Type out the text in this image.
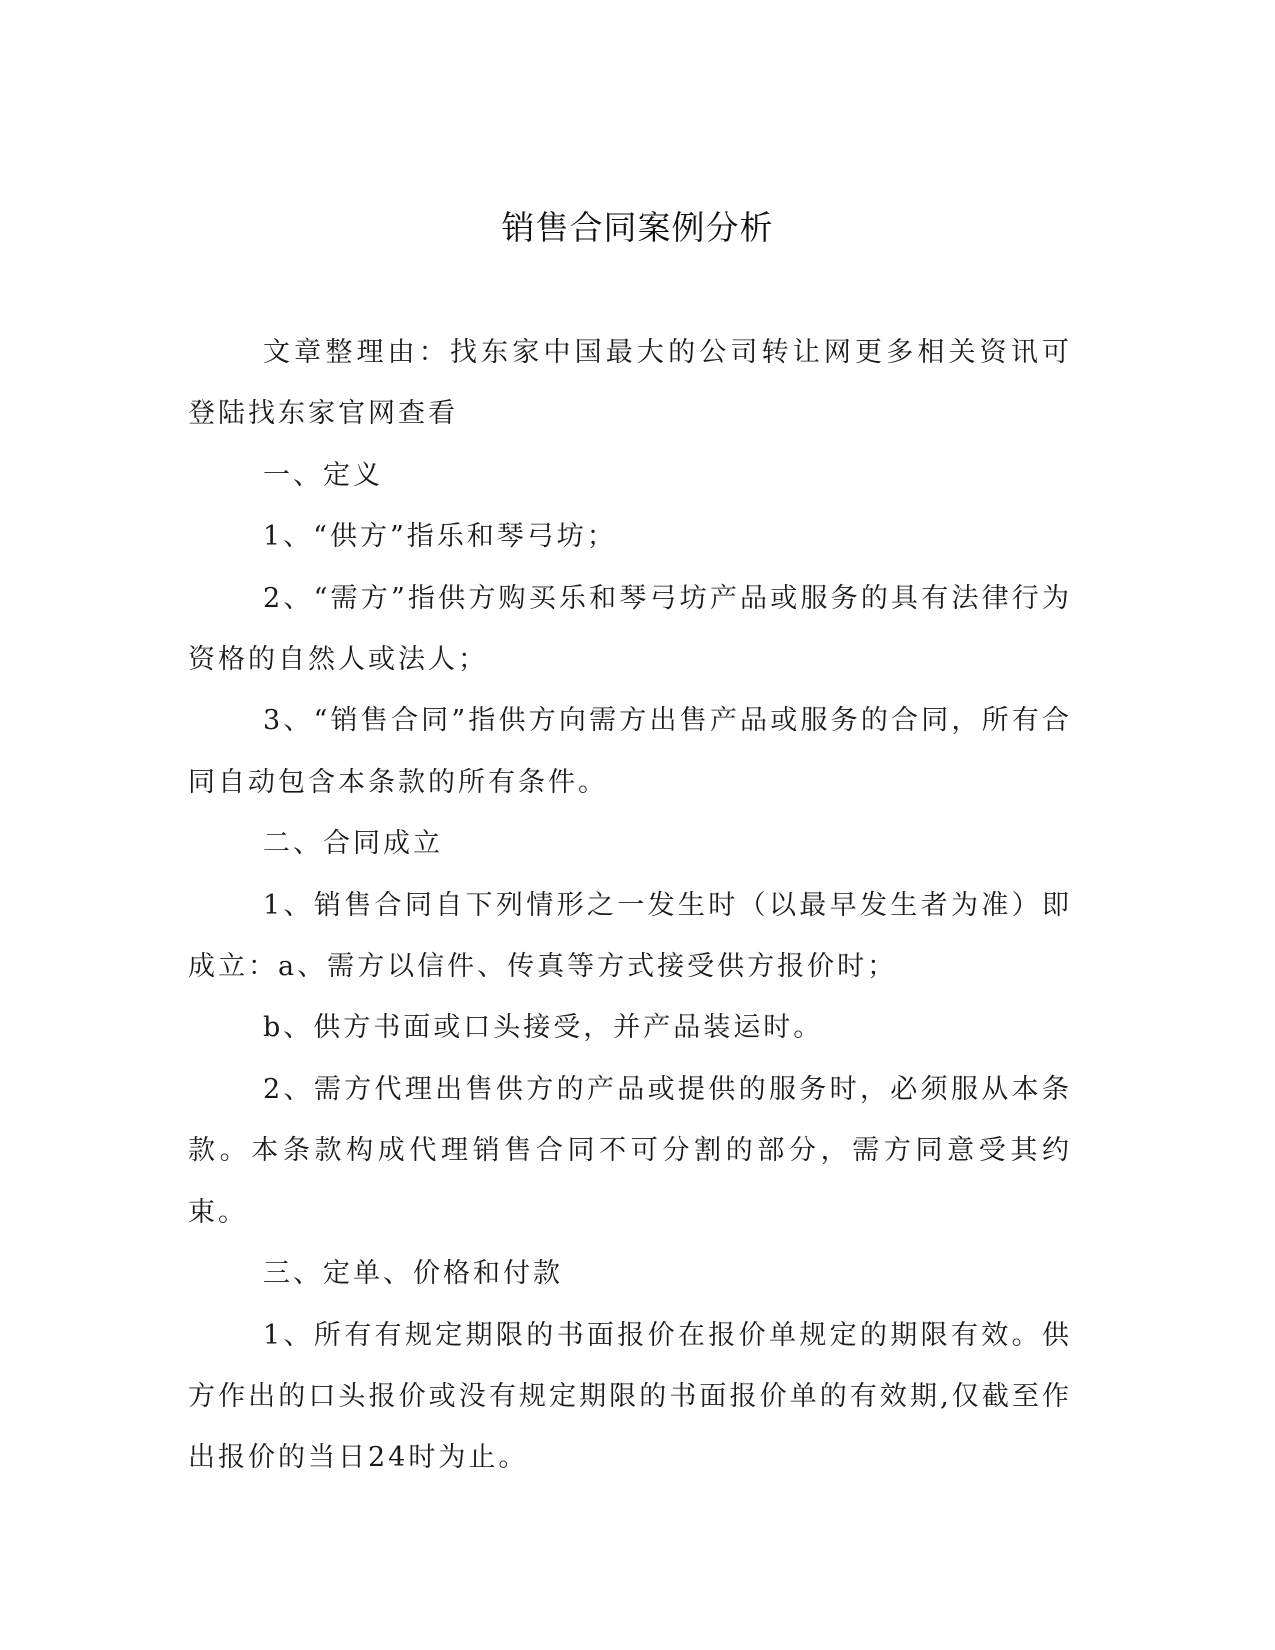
销售合同案例分析

文章整理由：找东家中国最大的公司转让网更多相关资讯可登陆找东家官网查看

一、定义

1、“供方”指乐和琴弓坊；

2、“需方”指供方购买乐和琴弓坊产品或服务的具有法律行为资格的自然人或法人；

3、“销售合同”指供方向需方出售产品或服务的合同，所有合同自动包含本条款的所有条件。

二、合同成立

1、销售合同自下列情形之一发生时（以最早发生者为准）即成立：a、需方以信件、传真等方式接受供方报价时；

b、供方书面或口头接受，并产品装运时。

2、需方代理出售供方的产品或提供的服务时，必须服从本条款。本条款构成代理销售合同不可分割的部分，需方同意受其约束。

三、定单、价格和付款

1、所有有规定期限的书面报价在报价单规定的期限有效。供方作出的口头报价或没有规定期限的书面报价单的有效期,仅截至作出报价的当日24时为止。
